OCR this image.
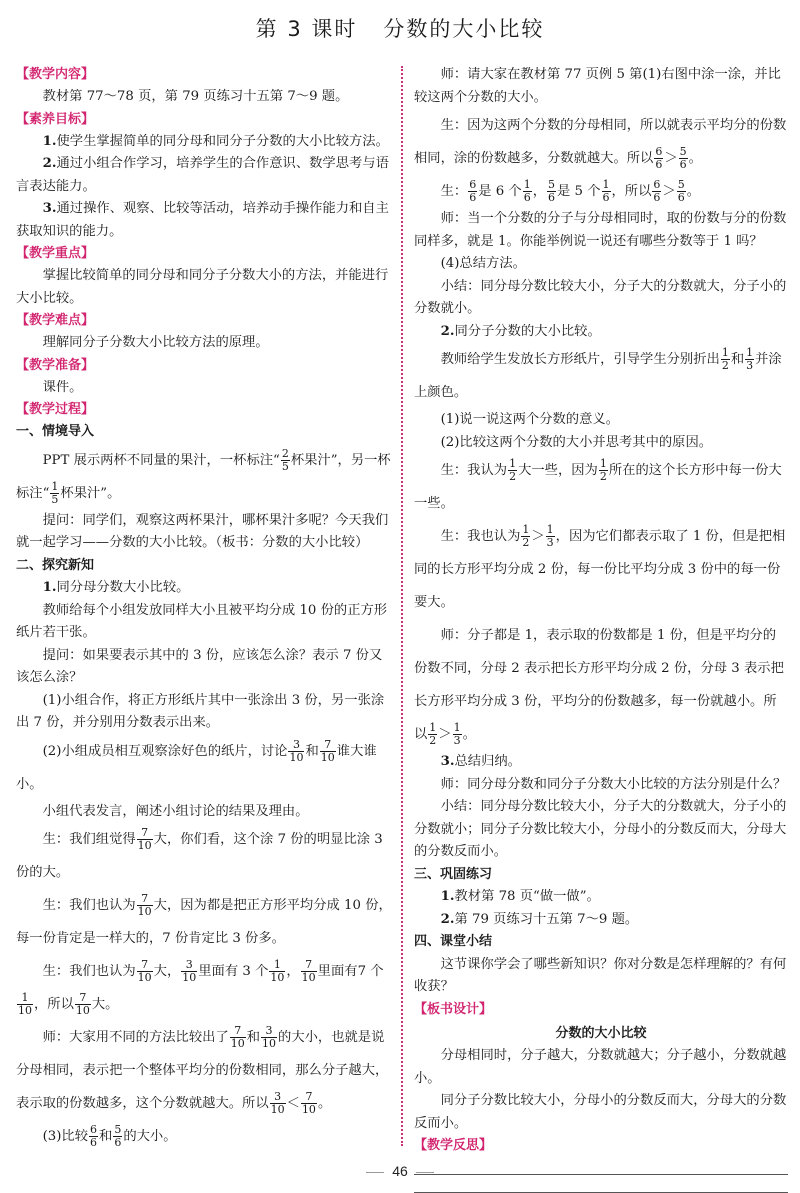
第 3 课时 分数的大小比较
【教学内容】
教材第 77～78 页，第 79 页练习十五第 7～9 题。
【素养目标】
1.使学生掌握简单的同分母和同分子分数的大小比较方法。
2.通过小组合作学习，培养学生的合作意识、数学思考与语言表达能力。
3.通过操作、观察、比较等活动，培养动手操作能力和自主获取知识的能力。
【教学重点】
掌握比较简单的同分母和同分子分数大小的方法，并能进行大小比较。
【教学难点】
理解同分子分数大小比较方法的原理。
【教学准备】
课件。
【教学过程】
一、情境导入
PPT 展示两杯不同量的果汁，一杯标注“ $\frac{2}{5}$ 杯果汁”，另一杯标注“ $\frac{1}{5}$ 杯果汁”。
提问：同学们，观察这两杯果汁，哪杯果汁多呢？今天我们就一起学习——分数的大小比较。（板书：分数的大小比较）
二、探究新知
1.同分母分数大小比较。
教师给每个小组发放同样大小且被平均分成 10 份的正方形纸片若干张。
提问：如果要表示其中的 3 份，应该怎么涂？表示 7 份又该怎么涂？
(1)小组合作，将正方形纸片其中一张涂出 3 份，另一张涂出 7 份，并分别用分数表示出来。
(2)小组成员相互观察涂好色的纸片，讨论 $\frac{3}{10}$ 和 $\frac{7}{10}$ 谁大谁小。
小组代表发言，阐述小组讨论的结果及理由。
生：我们组觉得 $\frac{7}{10}$ 大，你们看，这个涂 7 份的明显比涂 3 份的大。
生：我们也认为 $\frac{7}{10}$ 大，因为都是把正方形平均分成 10 份，每一份肯定是一样大的，7 份肯定比 3 份多。
生：我们也认为 $\frac{7}{10}$ 大， $\frac{3}{10}$ 里面有 3 个 $\frac{1}{10}$ ， $\frac{7}{10}$ 里面有7 个
$\frac{1}{10}$ ，所以 $\frac{7}{10}$ 大。
师：大家用不同的方法比较出了 $\frac{7}{10}$ 和 $\frac{3}{10}$ 的大小，也就是说分母相同，表示把一个整体平均分的份数相同，那么分子越大，表示取的份数越多，这个分数就越大。所以 $\frac{3}{10} < \frac{7}{10}$ 。
(3)比较 $\frac{6}{6}$ 和 $\frac{5}{6}$ 的大小。
师：请大家在教材第 77 页例 5 第(1)右图中涂一涂，并比较这两个分数的大小。
生：因为这两个分数的分母相同，所以就表示平均分的份数相同，涂的份数越多，分数就越大。所以 $\frac{6}{6} > \frac{5}{6}$ 。
生： $\frac{6}{6}$ 是 6 个 $\frac{1}{6}$ ， $\frac{5}{6}$ 是 5 个 $\frac{1}{6}$ ，所以 $\frac{6}{6} > \frac{5}{6}$ 。
师：当一个分数的分子与分母相同时，取的份数与分的份数同样多，就是 1。你能举例说一说还有哪些分数等于 1 吗？
(4)总结方法。
小结：同分母分数比较大小，分子大的分数就大，分子小的分数就小。
2.同分子分数的大小比较。
教师给学生发放长方形纸片，引导学生分别折出 $\frac{1}{2}$ 和 $\frac{1}{3}$ 并涂上颜色。
(1)说一说这两个分数的意义。
(2)比较这两个分数的大小并思考其中的原因。
生：我认为 $\frac{1}{2}$ 大一些，因为 $\frac{1}{2}$ 所在的这个长方形中每一份大一些。
生：我也认为 $\frac{1}{2} > \frac{1}{3}$ ，因为它们都表示取了 1 份，但是把相同的长方形平均分成 2 份，每一份比平均分成 3 份中的每一份要大。
师：分子都是 1，表示取的份数都是 1 份，但是平均分的份数不同，分母 2 表示把长方形平均分成 2 份，分母 3 表示把长方形平均分成 3 份，平均分的份数越多，每一份就越小。所以 $\frac{1}{2} > \frac{1}{3}$ 。
3.总结归纳。
师：同分母分数和同分子分数大小比较的方法分别是什么？
小结：同分母分数比较大小，分子大的分数就大，分子小的分数就小；同分子分数比较大小，分母小的分数反而大，分母大的分数反而小。
三、巩固练习
1.教材第 78 页“做一做”。
2.第 79 页练习十五第 7～9 题。
四、课堂小结
这节课你学会了哪些新知识？你对分数是怎样理解的？有何收获？
【板书设计】
分数的大小比较
分母相同时，分子越大，分数就越大；分子越小，分数就越小。
同分子分数比较大小，分母小的分数反而大，分母大的分数反而小。
【教学反思】
46
